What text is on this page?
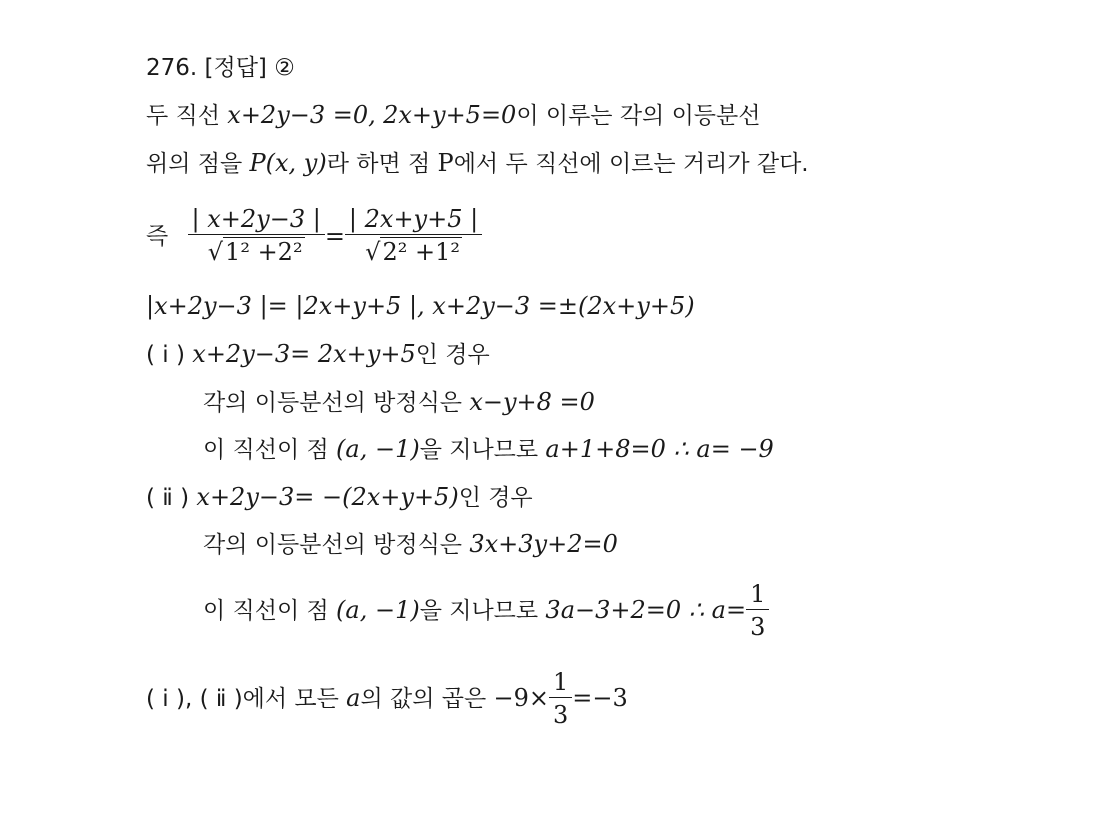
276. [정답] ②
두 직선 x+2y−3 =0, 2x+y+5=0이 이루는 각의 이등분선
위의 점을 P(x, y)라 하면 점 P에서 두 직선에 이르는 거리가 같다.
즉 $\frac{| x+2y-3 |}{\text{√1² +2²}} = \frac{| 2x+y+5 |}{\text{√2² +1²}}$
|x+2y−3 |= |2x+y+5 |, x+2y−3 =±(2x+y+5)
( ⅰ ) x+2y−3= 2x+y+5인 경우
각의 이등분선의 방정식은 x−y+8 =0
이 직선이 점 (a, −1)을 지나므로 a+1+8=0 ∴ a= −9
( ⅱ ) x+2y−3= −(2x+y+5)인 경우
각의 이등분선의 방정식은 3x+3y+2=0
이 직선이 점 (a, −1)을 지나므로 3a−3+2=0 ∴ $a= \frac{1}{3}$
( ⅰ ), ( ⅱ )에서 모든 a의 값의 곱은 $-9\times \frac{1}{3} =-3$
